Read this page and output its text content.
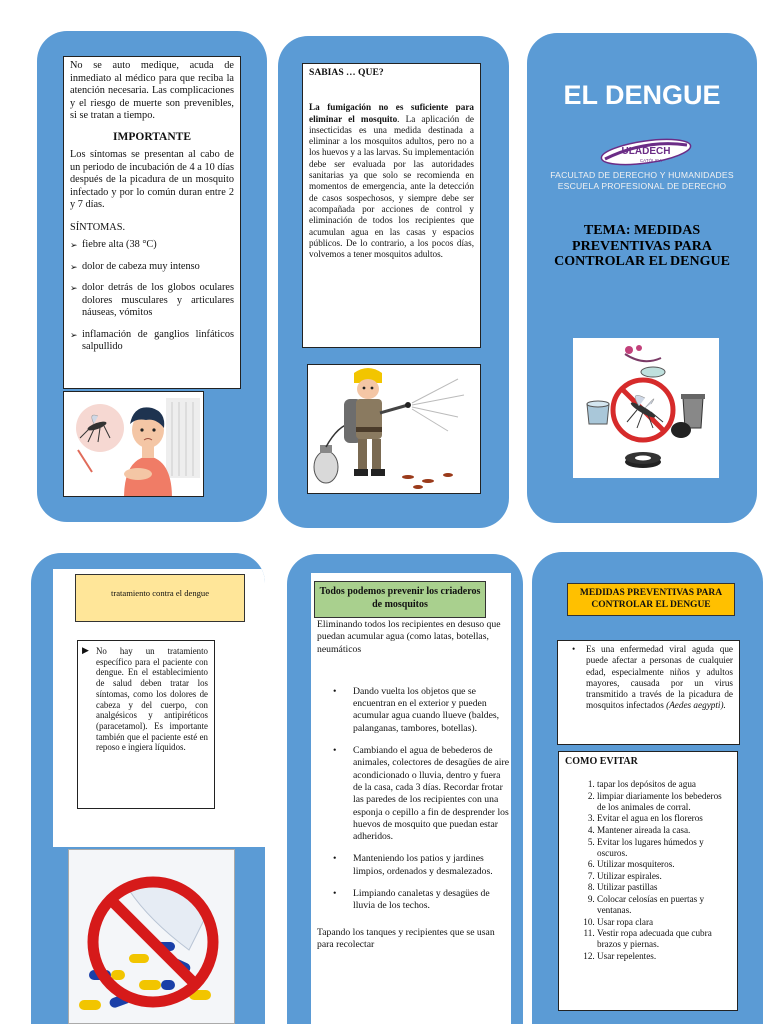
No se auto medique, acuda de inmediato al médico para que reciba la atención necesaria. Las complicaciones y el riesgo de muerte son prevenibles, si se tratan a tiempo.

IMPORTANTE

Los síntomas se presentan al cabo de un periodo de incubación de 4 a 10 días después de la picadura de un mosquito infectado y por lo común duran entre 2 y 7 días.

SÍNTOMAS.

➢ fiebre alta (38 °C)
➢ dolor de cabeza muy intenso
➢ dolor detrás de los globos oculares dolores musculares y articulares náuseas, vómitos
➢ inflamación de ganglios linfáticos salpullido

SABIAS … QUE?

La fumigación no es suficiente para eliminar el mosquito. La aplicación de insecticidas es una medida destinada a eliminar a los mosquitos adultos, pero no a los huevos y a las larvas. Su implementación debe ser evaluada por las autoridades sanitarias ya que solo se recomienda en momentos de emergencia, ante la detección de casos sospechosos, y siempre debe ser acompañada por acciones de control y eliminación de todos los recipientes que acumulan agua en las casas y espacios públicos. De lo contrario, a los pocos días, volvemos a tener mosquitos adultos.

EL DENGUE
ULADECH
CATÓLICA
FACULTAD DE DERECHO Y HUMANIDADES
ESCUELA PROFESIONAL DE DERECHO
TEMA: MEDIDAS PREVENTIVAS PARA CONTROLAR EL DENGUE
tratamiento contra el dengue
▶ No hay un tratamiento específico para el paciente con dengue. En el establecimiento de salud deben tratar los síntomas, como los dolores de cabeza y del cuerpo, con analgésicos y antipiréticos (paracetamol). Es importante también que el paciente esté en reposo e ingiera líquidos.

Todos podemos prevenir los criaderos de mosquitos

Eliminando todos los recipientes en desuso que puedan acumular agua (como latas, botellas, neumáticos

• Dando vuelta los objetos que se encuentran en el exterior y pueden acumular agua cuando llueve (baldes, palanganas, tambores, botellas).
• Cambiando el agua de bebederos de animales, colectores de desagües de aire acondicionado o lluvia, dentro y fuera de la casa, cada 3 días. Recordar frotar las paredes de los recipientes con una esponja o cepillo a fin de desprender los huevos de mosquito que puedan estar adheridos.
• Manteniendo los patios y jardines limpios, ordenados y desmalezados.
• Limpiando canaletas y desagües de lluvia de los techos.

Tapando los tanques y recipientes que se usan para recolectar

MEDIDAS PREVENTIVAS PARA CONTROLAR EL DENGUE
• Es una enfermedad viral aguda que puede afectar a personas de cualquier edad, especialmente niños y adultos mayores, causada por un virus transmitido a través de la picadura de mosquitos infectados (Aedes aegypti).

COMO EVITAR

1. tapar los depósitos de agua
2. limpiar diariamente los bebederos de los animales de corral.
3. Evitar el agua en los floreros
4. Mantener aireada la casa.
5. Evitar los lugares húmedos y oscuros.
6. Utilizar mosquiteros.
7. Utilizar espirales.
8. Utilizar pastillas
9. Colocar celosías en puertas y ventanas.
10. Usar ropa clara
11. Vestir ropa adecuada que cubra brazos y piernas.
12. Usar repelentes.
